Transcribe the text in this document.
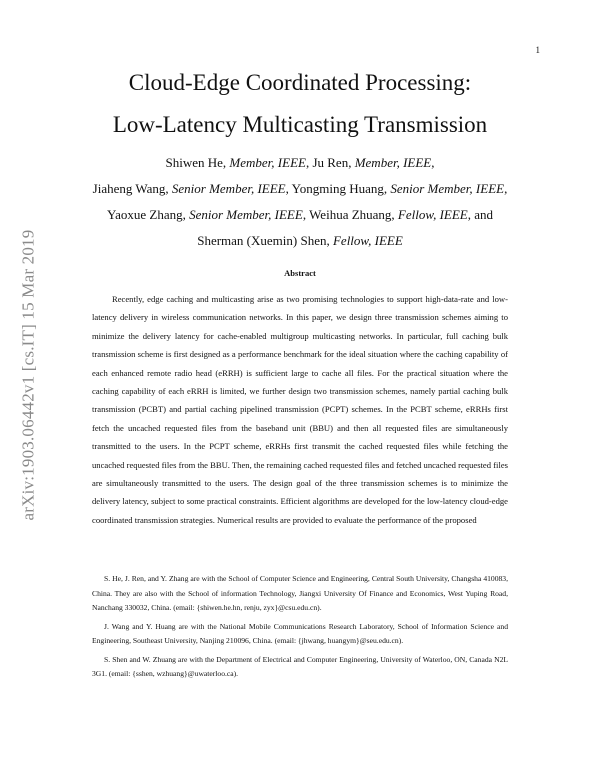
1
arXiv:1903.06442v1 [cs.IT] 15 Mar 2019
Cloud-Edge Coordinated Processing:
Low-Latency Multicasting Transmission
Shiwen He, Member, IEEE, Ju Ren, Member, IEEE,
Jiaheng Wang, Senior Member, IEEE, Yongming Huang, Senior Member, IEEE,
Yaoxue Zhang, Senior Member, IEEE, Weihua Zhuang, Fellow, IEEE, and
Sherman (Xuemin) Shen, Fellow, IEEE
Abstract

Recently, edge caching and multicasting arise as two promising technologies to support high-data-rate and low-latency delivery in wireless communication networks. In this paper, we design three transmission schemes aiming to minimize the delivery latency for cache-enabled multigroup multicasting networks. In particular, full caching bulk transmission scheme is first designed as a performance benchmark for the ideal situation where the caching capability of each enhanced remote radio head (eRRH) is sufficient large to cache all files. For the practical situation where the caching capability of each eRRH is limited, we further design two transmission schemes, namely partial caching bulk transmission (PCBT) and partial caching pipelined transmission (PCPT) schemes. In the PCBT scheme, eRRHs first fetch the uncached requested files from the baseband unit (BBU) and then all requested files are simultaneously transmitted to the users. In the PCPT scheme, eRRHs first transmit the cached requested files while fetching the uncached requested files from the BBU. Then, the remaining cached requested files and fetched uncached requested files are simultaneously transmitted to the users. The design goal of the three transmission schemes is to minimize the delivery latency, subject to some practical constraints. Efficient algorithms are developed for the low-latency cloud-edge coordinated transmission strategies. Numerical results are provided to evaluate the performance of the proposed

S. He, J. Ren, and Y. Zhang are with the School of Computer Science and Engineering, Central South University, Changsha 410083, China. They are also with the School of information Technology, Jiangxi University Of Finance and Economics, West Yuping Road, Nanchang 330032, China. (email: {shiwen.he.hn, renju, zyx}@csu.edu.cn).

J. Wang and Y. Huang are with the National Mobile Communications Research Laboratory, School of Information Science and Engineering, Southeast University, Nanjing 210096, China. (email: {jhwang, huangym}@seu.edu.cn).

S. Shen and W. Zhuang are with the Department of Electrical and Computer Engineering, University of Waterloo, ON, Canada N2L 3G1. (email: {sshen, wzhuang}@uwaterloo.ca).
